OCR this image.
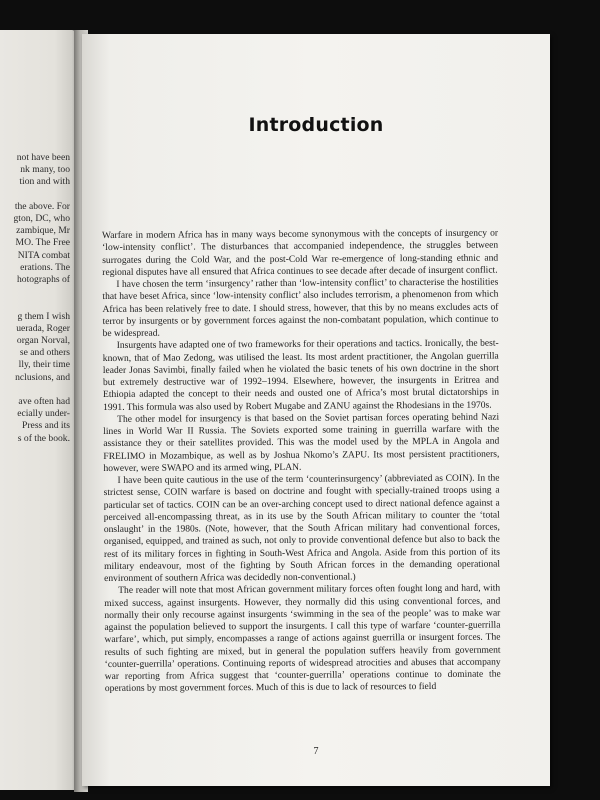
not have been
nk many, too
tion and with

the above. For
gton, DC, who
zambique, Mr
MO. The Free
NITA combat
erations. The
hotographs of

g them I wish
uerada, Roger
organ Norval,
se and others
lly, their time
nclusions, and

ave often had
ecially under-
Press and its
s of the book.
Introduction

Warfare in modern Africa has in many ways become synonymous with the concepts of insurgency or ‘low-intensity conflict’. The disturbances that accompanied independence, the struggles between surrogates during the Cold War, and the post-Cold War re-emergence of long-standing ethnic and regional disputes have all ensured that Africa continues to see decade after decade of insurgent conflict.

I have chosen the term ‘insurgency’ rather than ‘low-intensity conflict’ to characterise the hostilities that have beset Africa, since ‘low-intensity conflict’ also includes terrorism, a phenomenon from which Africa has been relatively free to date. I should stress, however, that this by no means excludes acts of terror by insurgents or by government forces against the non-combatant population, which continue to be widespread.

Insurgents have adapted one of two frameworks for their operations and tactics. Ironically, the best-known, that of Mao Zedong, was utilised the least. Its most ardent practitioner, the Angolan guerrilla leader Jonas Savimbi, finally failed when he violated the basic tenets of his own doctrine in the short but extremely destructive war of 1992–1994. Elsewhere, however, the insurgents in Eritrea and Ethiopia adapted the concept to their needs and ousted one of Africa’s most brutal dictatorships in 1991. This formula was also used by Robert Mugabe and ZANU against the Rhodesians in the 1970s.

The other model for insurgency is that based on the Soviet partisan forces operating behind Nazi lines in World War II Russia. The Soviets exported some training in guerrilla warfare with the assistance they or their satellites provided. This was the model used by the MPLA in Angola and FRELIMO in Mozambique, as well as by Joshua Nkomo’s ZAPU. Its most persistent practitioners, however, were SWAPO and its armed wing, PLAN.

I have been quite cautious in the use of the term ‘counterinsurgency’ (abbreviated as COIN). In the strictest sense, COIN warfare is based on doctrine and fought with specially-trained troops using a particular set of tactics. COIN can be an over-arching concept used to direct national defence against a perceived all-encompassing threat, as in its use by the South African military to counter the ‘total onslaught’ in the 1980s. (Note, however, that the South African military had conventional forces, organised, equipped, and trained as such, not only to provide conventional defence but also to back the rest of its military forces in fighting in South-West Africa and Angola. Aside from this portion of its military endeavour, most of the fighting by South African forces in the demanding operational environment of southern Africa was decidedly non-conventional.)

The reader will note that most African government military forces often fought long and hard, with mixed success, against insurgents. However, they normally did this using conventional forces, and normally their only recourse against insurgents ‘swimming in the sea of the people’ was to make war against the population believed to support the insurgents. I call this type of warfare ‘counter-guerrilla warfare’, which, put simply, encompasses a range of actions against guerrilla or insurgent forces. The results of such fighting are mixed, but in general the population suffers heavily from government ‘counter-guerrilla’ operations. Continuing reports of widespread atrocities and abuses that accompany war reporting from Africa suggest that ‘counter-guerrilla’ operations continue to dominate the operations by most government forces. Much of this is due to lack of resources to field

7
